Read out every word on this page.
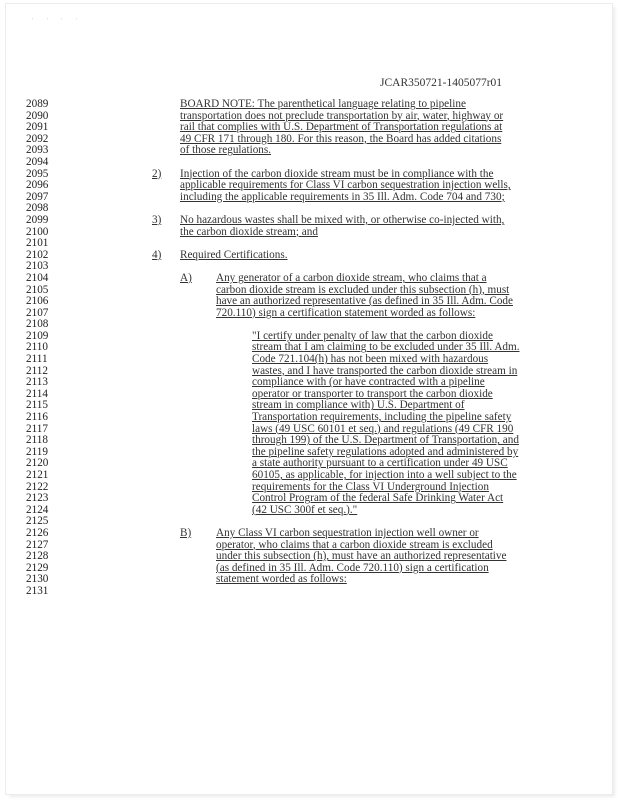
' ' ' '
JCAR350721-1405077r01
2089	BOARD NOTE: The parenthetical language relating to pipeline
2090	transportation does not preclude transportation by air, water, highway or
2091	rail that complies with U.S. Department of Transportation regulations at
2092	49 CFR 171 through 180. For this reason, the Board has added citations
2093	of those regulations.
2094
2095	2) Injection of the carbon dioxide stream must be in compliance with the
2096	applicable requirements for Class VI carbon sequestration injection wells,
2097	including the applicable requirements in 35 Ill. Adm. Code 704 and 730;
2098
2099	3) No hazardous wastes shall be mixed with, or otherwise co-injected with,
2100	the carbon dioxide stream; and
2101
2102	4) Required Certifications.
2103
2104	A) Any generator of a carbon dioxide stream, who claims that a
2105	carbon dioxide stream is excluded under this subsection (h), must
2106	have an authorized representative (as defined in 35 Ill. Adm. Code
2107	720.110) sign a certification statement worded as follows:
2108
2109	"I certify under penalty of law that the carbon dioxide
2110	stream that I am claiming to be excluded under 35 Ill. Adm.
2111	Code 721.104(h) has not been mixed with hazardous
2112	wastes, and I have transported the carbon dioxide stream in
2113	compliance with (or have contracted with a pipeline
2114	operator or transporter to transport the carbon dioxide
2115	stream in compliance with) U.S. Department of
2116	Transportation requirements, including the pipeline safety
2117	laws (49 USC 60101 et seq.) and regulations (49 CFR 190
2118	through 199) of the U.S. Department of Transportation, and
2119	the pipeline safety regulations adopted and administered by
2120	a state authority pursuant to a certification under 49 USC
2121	60105, as applicable, for injection into a well subject to the
2122	requirements for the Class VI Underground Injection
2123	Control Program of the federal Safe Drinking Water Act
2124	(42 USC 300f et seq.)."
2125
2126	B) Any Class VI carbon sequestration injection well owner or
2127	operator, who claims that a carbon dioxide stream is excluded
2128	under this subsection (h), must have an authorized representative
2129	(as defined in 35 Ill. Adm. Code 720.110) sign a certification
2130	statement worded as follows:
2131
